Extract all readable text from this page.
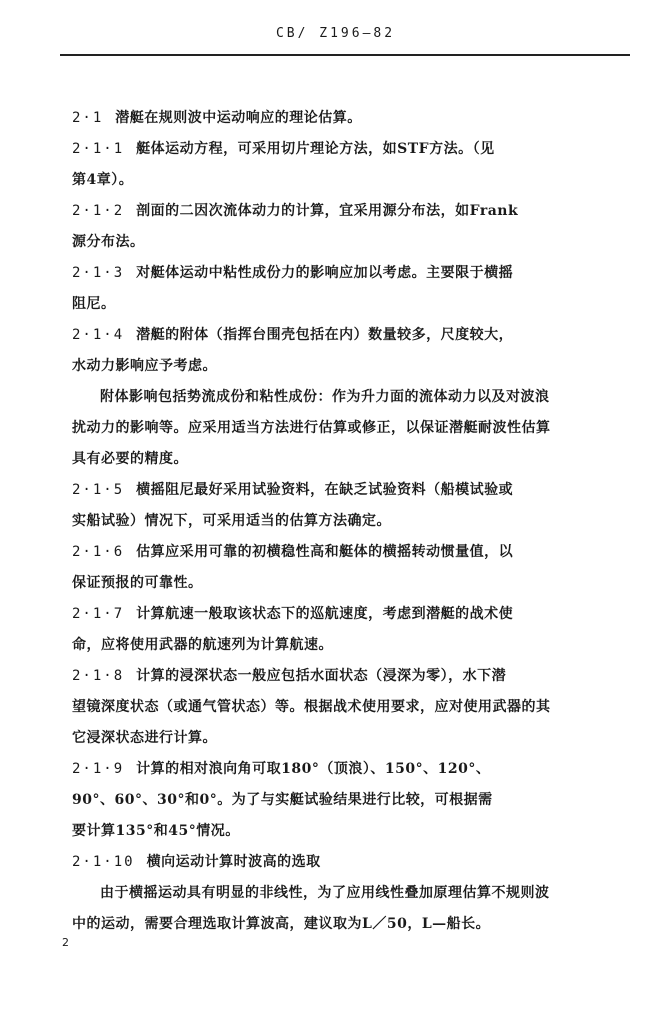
CB/ Z196—82
2·1 潜艇在规则波中运动响应的理论估算。
2·1·1 艇体运动方程，可采用切片理论方法，如STF方法。（见
第4章）。
2·1·2 剖面的二因次流体动力的计算，宜采用源分布法，如Frank
源分布法。
2·1·3 对艇体运动中粘性成份力的影响应加以考虑。主要限于横摇
阻尼。
2·1·4 潜艇的附体（指挥台围壳包括在内）数量较多，尺度较大，
水动力影响应予考虑。
附体影响包括势流成份和粘性成份：作为升力面的流体动力以及对波浪
扰动力的影响等。应采用适当方法进行估算或修正，以保证潜艇耐波性估算
具有必要的精度。
2·1·5 横摇阻尼最好采用试验资料，在缺乏试验资料（船模试验或
实船试验）情况下，可采用适当的估算方法确定。
2·1·6 估算应采用可靠的初横稳性高和艇体的横摇转动惯量值，以
保证预报的可靠性。
2·1·7 计算航速一般取该状态下的巡航速度，考虑到潜艇的战术使
命，应将使用武器的航速列为计算航速。
2·1·8 计算的浸深状态一般应包括水面状态（浸深为零），水下潜
望镜深度状态（或通气管状态）等。根据战术使用要求，应对使用武器的其
它浸深状态进行计算。
2·1·9 计算的相对浪向角可取180°（顶浪）、150°、120°、
90°、60°、30°和0°。为了与实艇试验结果进行比较，可根据需
要计算135°和45°情况。
2·1·10 横向运动计算时波高的选取
由于横摇运动具有明显的非线性，为了应用线性叠加原理估算不规则波
中的运动，需要合理选取计算波高，建议取为L／50，L—船长。
2
